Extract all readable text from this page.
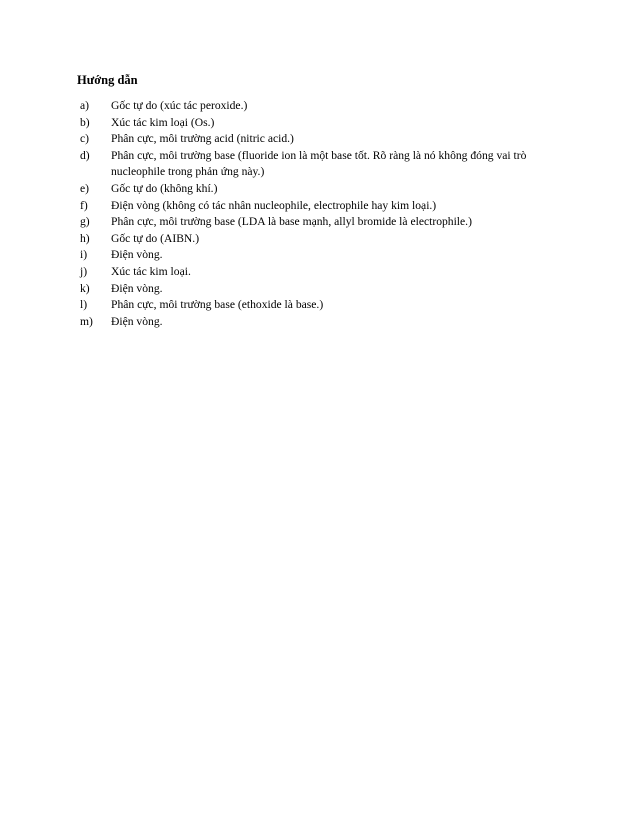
Hướng dẫn
a) Gốc tự do (xúc tác peroxide.)
b) Xúc tác kim loại (Os.)
c) Phân cực, môi trường acid (nitric acid.)
d) Phân cực, môi trường base (fluoride ion là một base tốt. Rõ ràng là nó không đóng vai trò nucleophile trong phản ứng này.)
e) Gốc tự do (không khí.)
f) Điện vòng (không có tác nhân nucleophile, electrophile hay kim loại.)
g) Phân cực, môi trường base (LDA là base mạnh, allyl bromide là electrophile.)
h) Gốc tự do (AIBN.)
i) Điện vòng.
j) Xúc tác kim loại.
k) Điện vòng.
l) Phân cực, môi trường base (ethoxide là base.)
m) Điện vòng.
